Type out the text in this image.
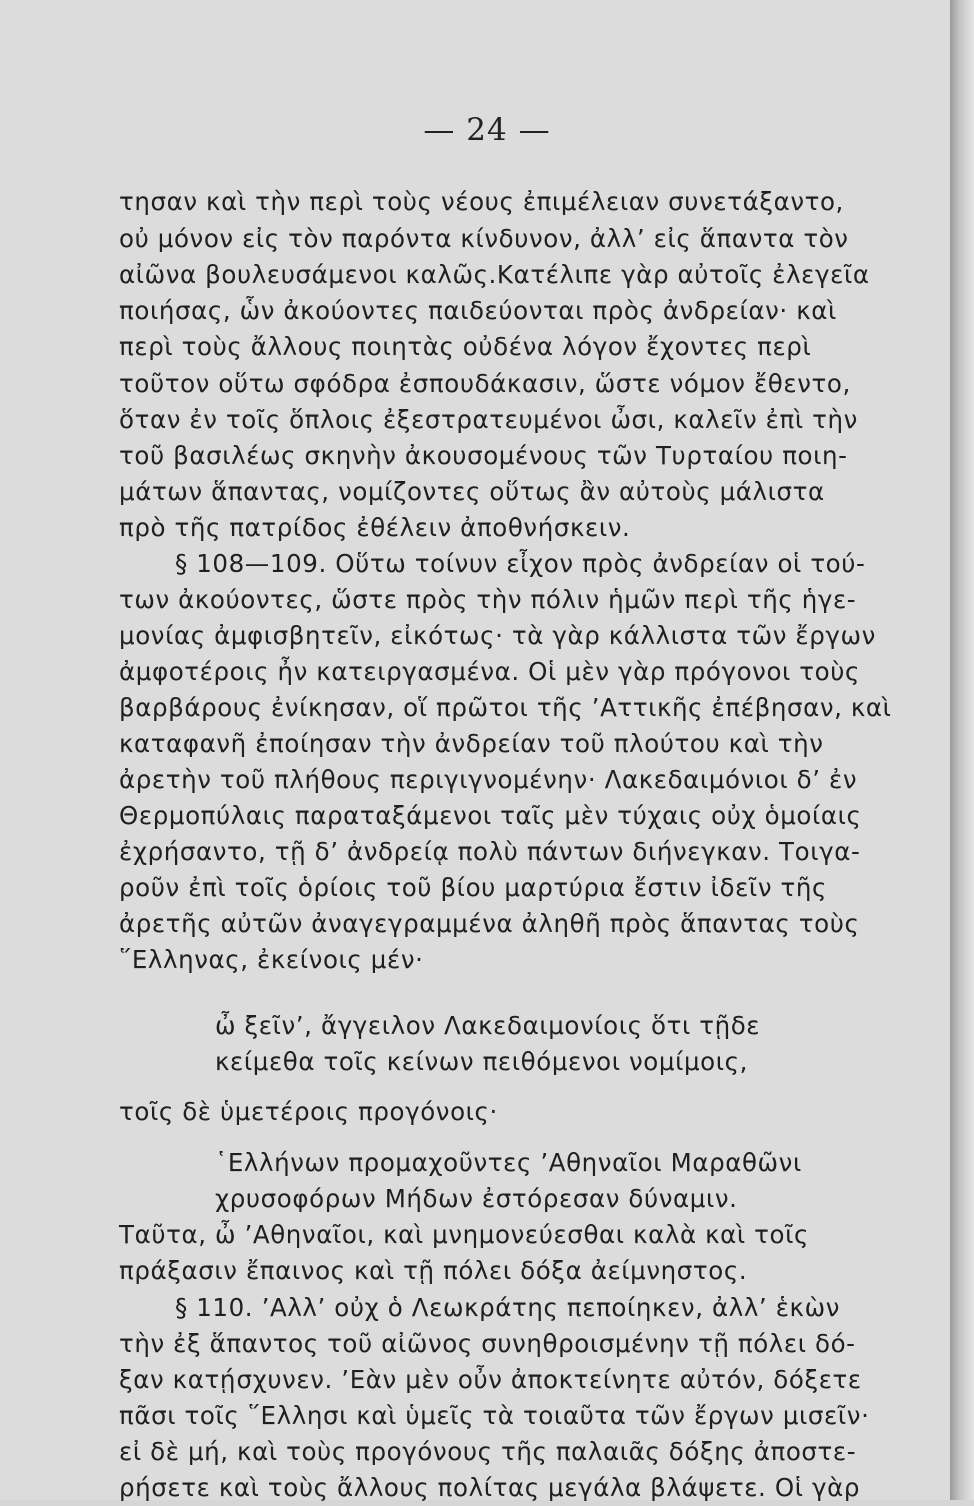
— 24 —
τησαν καὶ τὴν περὶ τοὺς νέους ἐπιμέλειαν συνετάξαντο,
οὐ μόνον εἰς τὸν παρόντα κίνδυνον, ἀλλ’ εἰς ἅπαντα τὸν
αἰῶνα βουλευσάμενοι καλῶς.Κατέλιπε γὰρ αὐτοῖς ἐλεγεῖα
ποιήσας, ὧν ἀκούοντες παιδεύονται πρὸς ἀνδρείαν· καὶ
περὶ τοὺς ἄλλους ποιητὰς οὐδένα λόγον ἔχοντες περὶ
τοῦτον οὕτω σφόδρα ἐσπουδάκασιν, ὥστε νόμον ἔθεντο,
ὅταν ἐν τοῖς ὅπλοις ἐξεστρατευμένοι ὦσι, καλεῖν ἐπὶ τὴν
τοῦ βασιλέως σκηνὴν ἀκουσομένους τῶν Τυρταίου ποιη-
μάτων ἅπαντας, νομίζοντες οὕτως ἂν αὐτοὺς μάλιστα
πρὸ τῆς πατρίδος ἐθέλειν ἀποθνήσκειν.
§ 108—109. Οὕτω τοίνυν εἶχον πρὸς ἀνδρείαν οἱ τού-
των ἀκούοντες, ὥστε πρὸς τὴν πόλιν ἡμῶν περὶ τῆς ἡγε-
μονίας ἀμφισβητεῖν, εἰκότως· τὰ γὰρ κάλλιστα τῶν ἔργων
ἀμφοτέροις ἦν κατειργασμένα. Οἱ μὲν γὰρ πρόγονοι τοὺς
βαρβάρους ἐνίκησαν, οἵ πρῶτοι τῆς ’Αττικῆς ἐπέβησαν, καὶ
καταφανῆ ἐποίησαν τὴν ἀνδρείαν τοῦ πλούτου καὶ τὴν
ἀρετὴν τοῦ πλήθους περιγιγνομένην· Λακεδαιμόνιοι δ’ ἐν
Θερμοπύλαις παραταξάμενοι ταῖς μὲν τύχαις οὐχ ὁμοίαις
ἐχρήσαντο, τῇ δ’ ἀνδρείᾳ πολὺ πάντων διήνεγκαν. Τοιγα-
ροῦν ἐπὶ τοῖς ὁρίοις τοῦ βίου μαρτύρια ἔστιν ἰδεῖν τῆς
ἀρετῆς αὐτῶν ἀναγεγραμμένα ἀληθῆ πρὸς ἅπαντας τοὺς
῞Ελληνας, ἐκείνοις μέν·
ὦ ξεῖν’, ἄγγειλον Λακεδαιμονίοις ὅτι τῇδε
κείμεθα τοῖς κείνων πειθόμενοι νομίμοις,
τοῖς δὲ ὑμετέροις προγόνοις·
῾Ελλήνων προμαχοῦντες ’Αθηναῖοι Μαραθῶνι
χρυσοφόρων Μήδων ἐστόρεσαν δύναμιν.
Ταῦτα, ὦ ’Αθηναῖοι, καὶ μνημονεύεσθαι καλὰ καὶ τοῖς
πράξασιν ἔπαινος καὶ τῇ πόλει δόξα ἀείμνηστος.
§ 110. ’Αλλ’ οὐχ ὁ Λεωκράτης πεποίηκεν, ἀλλ’ ἑκὼν
τὴν ἐξ ἅπαντος τοῦ αἰῶνος συνηθροισμένην τῇ πόλει δό-
ξαν κατῄσχυνεν. ’Εὰν μὲν οὖν ἀποκτείνητε αὐτόν, δόξετε
πᾶσι τοῖς ῞Ελλησι καὶ ὑμεῖς τὰ τοιαῦτα τῶν ἔργων μισεῖν·
εἰ δὲ μή, καὶ τοὺς προγόνους τῆς παλαιᾶς δόξης ἀποστε-
ρήσετε καὶ τοὺς ἄλλους πολίτας μεγάλα βλάψετε. Οἱ γὰρ
